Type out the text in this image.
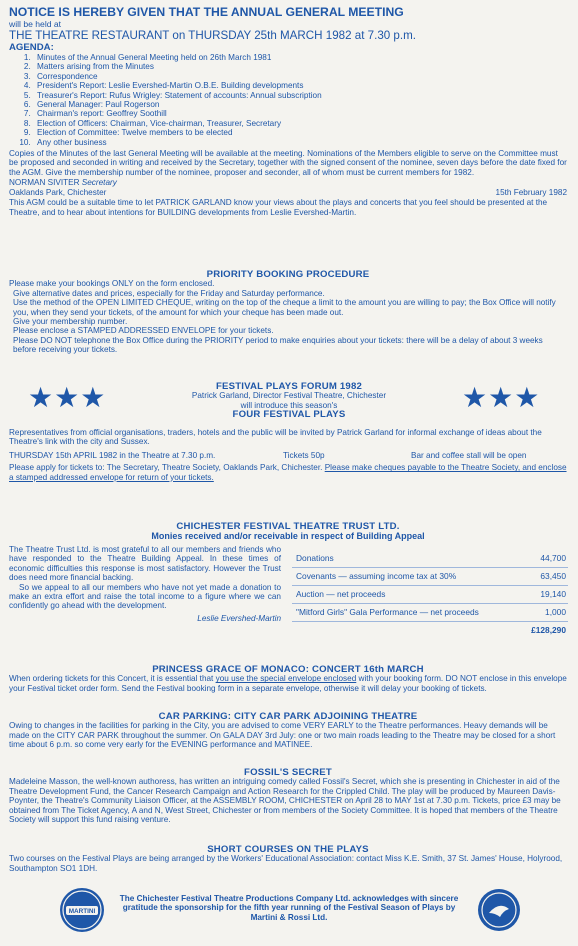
NOTICE IS HEREBY GIVEN THAT THE ANNUAL GENERAL MEETING
will be held at
THE THEATRE RESTAURANT on THURSDAY 25th MARCH 1982 at 7.30 p.m.
AGENDA:
1. Minutes of the Annual General Meeting held on 26th March 1981
2. Matters arising from the Minutes
3. Correspondence
4. President's Report: Leslie Evershed-Martin O.B.E. Building developments
5. Treasurer's Report: Rufus Wrigley: Statement of accounts: Annual subscription
6. General Manager: Paul Rogerson
7. Chairman's report: Geoffrey Soothill
8. Election of Officers: Chairman, Vice-chairman, Treasurer, Secretary
9. Election of Committee: Twelve members to be elected
10. Any other business
Copies of the Minutes of the last General Meeting will be available at the meeting. Nominations of the Members eligible to serve on the Committee must be proposed and seconded in writing and received by the Secretary, together with the signed consent of the nominee, seven days before the date fixed for the AGM. Give the membership number of the nominee, proposer and seconder, all of whom must be current members for 1982.
NORMAN SIVITER Secretary
Oaklands Park, Chichester	15th February 1982
This AGM could be a suitable time to let PATRICK GARLAND know your views about the plays and concerts that you feel should be presented at the Theatre, and to hear about intentions for BUILDING developments from Leslie Evershed-Martin.
PRIORITY BOOKING PROCEDURE
Please make your bookings ONLY on the form enclosed.
Give alternative dates and prices, especially for the Friday and Saturday performance.
Use the method of the OPEN LIMITED CHEQUE, writing on the top of the cheque a limit to the amount you are willing to pay; the Box Office will notify you, when they send your tickets, of the amount for which your cheque has been made out.
Give your membership number.
Please enclose a STAMPED ADDRESSED ENVELOPE for your tickets.
Please DO NOT telephone the Box Office during the PRIORITY period to make enquiries about your tickets: there will be a delay of about 3 weeks before receiving your tickets.
★★★	★★★
FESTIVAL PLAYS FORUM 1982
Patrick Garland, Director Festival Theatre, Chichester
will introduce this season's
FOUR FESTIVAL PLAYS
Representatives from official organisations, traders, hotels and the public will be invited by Patrick Garland for informal exchange of ideas about the Theatre's link with the city and Sussex.
THURSDAY 15th APRIL 1982 in the Theatre at 7.30 p.m.	Tickets 50p	Bar and coffee stall will be open
Please apply for tickets to: The Secretary, Theatre Society, Oaklands Park, Chichester. Please make cheques payable to the Theatre Society, and enclose a stamped addressed envelope for return of your tickets.
CHICHESTER FESTIVAL THEATRE TRUST LTD.
Monies received and/or receivable in respect of Building Appeal
The Theatre Trust Ltd. is most grateful to all our members and friends who have responded to the Theatre Building Appeal. In these times of economic difficulties this response is most satisfactory. However the Trust does need more financial backing.
So we appeal to all our members who have not yet made a donation to make an extra effort and raise the total income to a figure where we can confidently go ahead with the development.
Leslie Evershed-Martin
Donations	44,700
Covenants — assuming income tax at 30%	63,450
Auction — net proceeds	19,140
"Mitford Girls" Gala Performance — net proceeds	1,000
£128,290
PRINCESS GRACE OF MONACO: CONCERT 16th MARCH
When ordering tickets for this Concert, it is essential that you use the special envelope enclosed with your booking form. DO NOT enclose in this envelope your Festival ticket order form. Send the Festival booking form in a separate envelope, otherwise it will delay your booking of tickets.
CAR PARKING: CITY CAR PARK ADJOINING THEATRE
Owing to changes in the facilities for parking in the City, you are advised to come VERY EARLY to the Theatre performances. Heavy demands will be made on the CITY CAR PARK throughout the summer. On GALA DAY 3rd July: one or two main roads leading to the Theatre may be closed for a short time about 6 p.m. so come very early for the EVENING performance and MATINEE.
FOSSIL'S SECRET
Madeleine Masson, the well-known authoress, has written an intriguing comedy called Fossil's Secret, which she is presenting in Chichester in aid of the Theatre Development Fund, the Cancer Research Campaign and Action Research for the Crippled Child. The play will be produced by Maureen Davis-Poynter, the Theatre's Community Liaison Officer, at the ASSEMBLY ROOM, CHICHESTER on April 28 to MAY 1st at 7.30 p.m. Tickets, price £3 may be obtained from The Ticket Agency, A and N, West Street, Chichester or from members of the Society Committee. It is hoped that members of the Theatre Society will support this fund raising venture.
SHORT COURSES ON THE PLAYS
Two courses on the Festival Plays are being arranged by the Workers' Educational Association: contact Miss K.E. Smith, 37 St. James' House, Holyrood, Southampton SO1 1DH.
MARTINI
The Chichester Festival Theatre Productions Company Ltd. acknowledges with sincere gratitude the sponsorship for the fifth year running of the Festival Season of Plays by Martini & Rossi Ltd.
